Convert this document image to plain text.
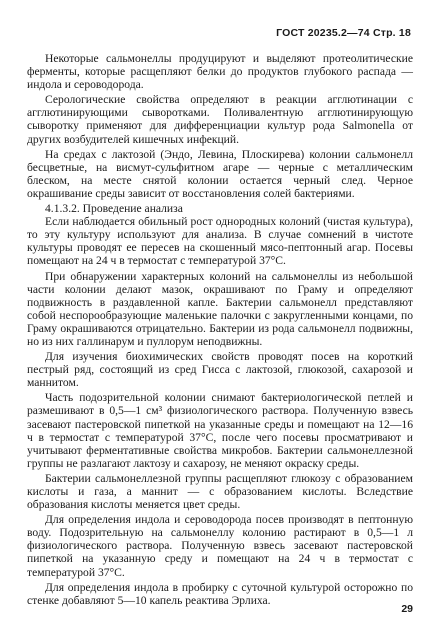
ГОСТ 20235.2—74 Стр. 18

Некоторые сальмонеллы продуцируют и выделяют протеолитические ферменты, которые расщепляют белки до продуктов глубокого распада — индола и сероводорода.

Серологические свойства определяют в реакции агглютинации с агглютинирующими сыворотками. Поливалентную агглютинирующую сыворотку применяют для дифференциации культур рода Salmonella от других возбудителей кишечных инфекций.

На средах с лактозой (Эндо, Левина, Плоскирева) колонии сальмонелл бесцветные, на висмут-сульфитном агаре — черные с металлическим блеском, на месте снятой колонии остается черный след. Черное окрашивание среды зависит от восстановления солей бактериями.

4.1.3.2. Проведение анализа

Если наблюдается обильный рост однородных колоний (чистая культура), то эту культуру используют для анализа. В случае сомнений в чистоте культуры проводят ее пересев на скошенный мясо-пептонный агар. Посевы помещают на 24 ч в термостат с температурой 37°С.

При обнаружении характерных колоний на сальмонеллы из небольшой части колонии делают мазок, окрашивают по Граму и определяют подвижность в раздавленной капле. Бактерии сальмонелл представляют собой неспорообразующие маленькие палочки с закругленными концами, по Граму окрашиваются отрицательно. Бактерии из рода сальмонелл подвижны, но из них галлинарум и пуллорум неподвижны.

Для изучения биохимических свойств проводят посев на короткий пестрый ряд, состоящий из сред Гисса с лактозой, глюкозой, сахарозой и маннитом.

Часть подозрительной колонии снимают бактериологической петлей и размешивают в 0,5—1 см³ физиологического раствора. Полученную взвесь засевают пастеровской пипеткой на указанные среды и помещают на 12—16 ч в термостат с температурой 37°С, после чего посевы просматривают и учитывают ферментативные свойства микробов. Бактерии сальмонеллезной группы не разлагают лактозу и сахарозу, не меняют окраску среды.

Бактерии сальмонеллезной группы расщепляют глюкозу с образованием кислоты и газа, а маннит — с образованием кислоты. Вследствие образования кислоты меняется цвет среды.

Для определения индола и сероводорода посев производят в пептонную воду. Подозрительную на сальмонеллу колонию растирают в 0,5—1 л физиологического раствора. Полученную взвесь засевают пастеровской пипеткой на указанную среду и помещают на 24 ч в термостат с температурой 37°С.

Для определения индола в пробирку с суточной культурой осторожно по стенке добавляют 5—10 капель реактива Эрлиха.

29
